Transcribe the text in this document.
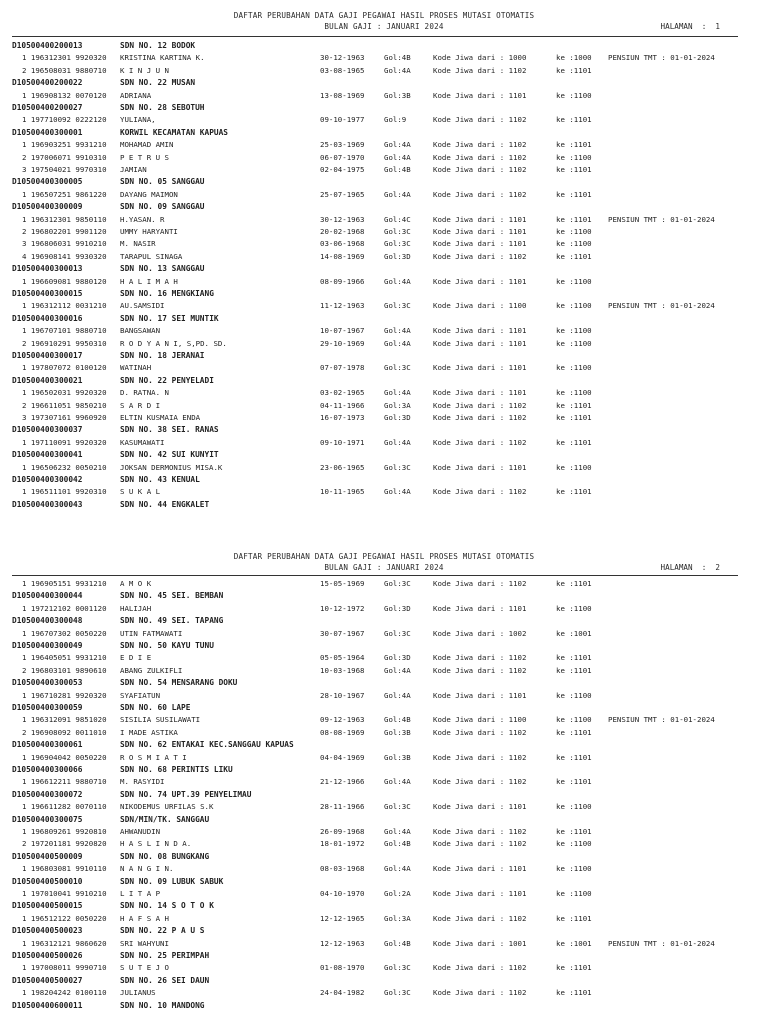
DAFTAR PERUBAHAN DATA GAJI PEGAWAI HASIL PROSES MUTASI OTOMATIS
BULAN GAJI : JANUARI 2024	HALAMAN  :  1
D10500400200013	SDN NO. 12 BODOK
1 196312301 9920320 KRISTINA KARTINA K.	30-12-1963	Gol:4B	Kode Jiwa dari : 1000	ke :1000 PENSIUN TMT : 01-01-2024
2 196508031 9880710 K I N J U N	03-08-1965	Gol:4A	Kode Jiwa dari : 1102	ke :1101
D10500400200022	SDN NO. 22 MUSAN
1 196908132 0070120 ADRIANA	13-08-1969	Gol:3B	Kode Jiwa dari : 1101	ke :1100
D10500400200027	SDN NO. 28 SEBOTUH
1 197710092 0222120 YULIANA,	09-10-1977	Gol:9	Kode Jiwa dari : 1102	ke :1101
D10500400300001	KORWIL KECAMATAN KAPUAS
1 196903251 9931210 MOHAMAD AMIN	25-03-1969	Gol:4A	Kode Jiwa dari : 1102	ke :1101
2 197006071 9910310 P E T R U S	06-07-1970	Gol:4A	Kode Jiwa dari : 1102	ke :1100
3 197504021 9970310 JAMIAN	02-04-1975	Gol:4B	Kode Jiwa dari : 1102	ke :1101
D10500400300005	SDN NO. 05 SANGGAU
1 196507251 9861220 DAYANG MAIMON	25-07-1965	Gol:4A	Kode Jiwa dari : 1102	ke :1101
D10500400300009	SDN NO. 09 SANGGAU
1 196312301 9850110 H.YASAN. R	30-12-1963	Gol:4C	Kode Jiwa dari : 1101	ke :1101 PENSIUN TMT : 01-01-2024
2 196802201 9901120 UMMY HARYANTI	20-02-1968	Gol:3C	Kode Jiwa dari : 1101	ke :1100
3 196806031 9910210 M. NASIR	03-06-1968	Gol:3C	Kode Jiwa dari : 1101	ke :1100
4 196908141 9930320 TARAPUL SINAGA	14-08-1969	Gol:3D	Kode Jiwa dari : 1102	ke :1101
D10500400300013	SDN NO. 13 SANGGAU
1 196609081 9880120 H A L I M A H	08-09-1966	Gol:4A	Kode Jiwa dari : 1101	ke :1100
D10500400300015	SDN NO. 16 MENGKIANG
1 196312112 0031210 AU.SAMSIDI	11-12-1963	Gol:3C	Kode Jiwa dari : 1100	ke :1100 PENSIUN TMT : 01-01-2024
D10500400300016	SDN NO. 17 SEI MUNTIK
1 196707101 9880710 BANGSAWAN	10-07-1967	Gol:4A	Kode Jiwa dari : 1101	ke :1100
2 196910291 9950310 R O D Y A N I, S,PD. SD.	29-10-1969	Gol:4A	Kode Jiwa dari : 1101	ke :1100
D10500400300017	SDN NO. 18 JERANAI
1 197807072 0100120 WATINAH	07-07-1978	Gol:3C	Kode Jiwa dari : 1101	ke :1100
D10500400300021	SDN NO. 22 PENYELADI
1 196502031 9920320 D. RATNA. N	03-02-1965	Gol:4A	Kode Jiwa dari : 1101	ke :1100
2 196611051 9850210 S A R D I	04-11-1966	Gol:3A	Kode Jiwa dari : 1102	ke :1101
3 197307161 9960920 ELTIN KUSMAIA ENDA	16-07-1973	Gol:3D	Kode Jiwa dari : 1102	ke :1101
D10500400300037	SDN NO. 38 SEI. RANAS
1 197110091 9920320 KASUMAWATI	09-10-1971	Gol:4A	Kode Jiwa dari : 1102	ke :1101
D10500400300041	SDN NO. 42 SUI KUNYIT
1 196506232 0050210 JOKSAN DERMONIUS MISA.K	23-06-1965	Gol:3C	Kode Jiwa dari : 1101	ke :1100
D10500400300042	SDN NO. 43 KENUAL
1 196511101 9920310 S U K A L	10-11-1965	Gol:4A	Kode Jiwa dari : 1102	ke :1101
D10500400300043	SDN NO. 44 ENGKALET
DAFTAR PERUBAHAN DATA GAJI PEGAWAI HASIL PROSES MUTASI OTOMATIS
BULAN GAJI : JANUARI 2024	HALAMAN  :  2
1 196905151 9931210 A M O K	15-05-1969	Gol:3C	Kode Jiwa dari : 1102	ke :1101
D10500400300044	SDN NO. 45 SEI. BEMBAN
1 197212102 0001120 HALIJAH	10-12-1972	Gol:3D	Kode Jiwa dari : 1101	ke :1100
D10500400300048	SDN NO. 49 SEI. TAPANG
1 196707302 0050220 UTIN FATMAWATI	30-07-1967	Gol:3C	Kode Jiwa dari : 1002	ke :1001
D10500400300049	SDN NO. 50 KAYU TUNU
1 196405051 9931210 E D I E	05-05-1964	Gol:3D	Kode Jiwa dari : 1102	ke :1101
2 196803101 9890610 ABANG ZULKIFLI	10-03-1968	Gol:4A	Kode Jiwa dari : 1102	ke :1101
D10500400300053	SDN NO. 54 MENSARANG DOKU
1 196710281 9920320 SYAFIATUN	28-10-1967	Gol:4A	Kode Jiwa dari : 1101	ke :1100
D10500400300059	SDN NO. 60 LAPE
1 196312091 9851020 SISILIA SUSILAWATI	09-12-1963	Gol:4B	Kode Jiwa dari : 1100	ke :1100 PENSIUN TMT : 01-01-2024
2 196908092 0011010 I MADE ASTIKA	08-08-1969	Gol:3B	Kode Jiwa dari : 1102	ke :1101
D10500400300061	SDN NO. 62 ENTAKAI KEC.SANGGAU KAPUAS
1 196904042 0050220 R O S M I A T I	04-04-1969	Gol:3B	Kode Jiwa dari : 1102	ke :1101
D10500400300066	SDN NO. 68 PERINTIS LIKU
1 196612211 9880710 M. RASYIDI	21-12-1966	Gol:4A	Kode Jiwa dari : 1102	ke :1101
D10500400300072	SDN NO. 74 UPT.39 PENYELIMAU
1 196611282 0070110 NIKODEMUS URFILAS S.K	28-11-1966	Gol:3C	Kode Jiwa dari : 1101	ke :1100
D10500400300075	SDN/MIN/TK. SANGGAU
1 196809261 9920810 AHWANUDIN	26-09-1968	Gol:4A	Kode Jiwa dari : 1102	ke :1101
2 197201181 9920820 H A S L I N D A.	18-01-1972	Gol:4B	Kode Jiwa dari : 1102	ke :1100
D10500400500009	SDN NO. 08 BUNGKANG
1 196803081 9910110 N A N G I N.	08-03-1968	Gol:4A	Kode Jiwa dari : 1101	ke :1100
D10500400500010	SDN NO. 09 LUBUK SABUK
1 197010041 9910210 L I T A P	04-10-1970	Gol:2A	Kode Jiwa dari : 1101	ke :1100
D10500400500015	SDN NO. 14 S O T O K
1 196512122 0050220 H A F S A H	12-12-1965	Gol:3A	Kode Jiwa dari : 1102	ke :1101
D10500400500023	SDN NO. 22 P A U S
1 196312121 9860620 SRI WAHYUNI	12-12-1963	Gol:4B	Kode Jiwa dari : 1001	ke :1001 PENSIUN TMT : 01-01-2024
D10500400500026	SDN NO. 25 PERIMPAH
1 197008011 9990710 S U T E J O	01-08-1970	Gol:3C	Kode Jiwa dari : 1102	ke :1101
D10500400500027	SDN NO. 26 SEI DAUN
1 198204242 0100110 JULIANUS	24-04-1982	Gol:3C	Kode Jiwa dari : 1102	ke :1101
D10500400600011	SDN NO. 10 MANDONG
